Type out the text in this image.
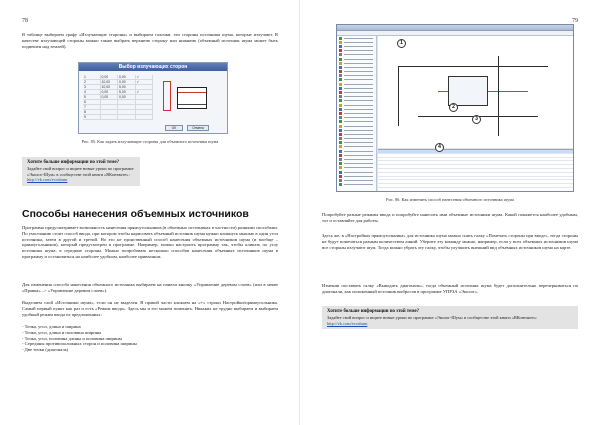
78
В таблице выбираем графу «Излучающие стороны» и выбираем галочки. эти стороны источника шума, которые излучают. В качестве излучающей стороны можно также выбрать верхнюю сторону или нижнюю (объемный источник шума может быть подвешен над землей).
Выбор излучающих сторон
1	0,00	0,00	✓
2	10,00	0,00	✓
3	10,00	5,00
4	0,00	5,00	✓
5	0,00	0,00
6
7
8
9
OK	Отмена
Рис. 85. Как задать излучающие стороны для объемного источника шума
Хотите больше информации по этой теме?
Задайте свой вопрос и ищите новые уроки по программе «Эколог-Шум» в сообществе этой книги «ВКонтакте»:
http://vk.com/ecoshum
Способы нанесения объемных источников
Программа предусматривает возможность нанесения прямоугольников (в объемных источниках в частности) разными способами. По умолчанию стоит способ ввода, при котором чтобы нарисовать объемный источник шума нужно кликнуть мышью в один угол источника, затем в другой и третий. Но это не единственный способ нанесения объемных источников шума (и вообще – прямоугольников), который предусмотрен в программе. Например, можно настроить программу так, чтобы кликать по углу источника шума, в середине стороны. Можно попробовать несколько способов нанесения объемных источников шума в программу и остановиться на наиболее удобном, наиболее привычном.
Для изменения способа нанесения объемного источника выбираем на панели кнопку «Управление деревом слоев» (или в меню «Правка» –> «Управление деревом слоев»).
Выделяем слой «Источники шума», если он не выделен. В правой части кликаем на «+» строки Настройки/прямоугольника. Самый первый пункт как раз и есть «Режим ввода». Здесь мы и его можем поменять. Никаких не трудно выбираем и выбираем удобный режим ввода из предложенных:
- Точка, угол, длина и ширина
- Точка, угол, длина и половина ширины
- Точка, угол, половина длины и половина ширины
- Середины противоположных сторон и половина ширины
- Две точки (диагональ)
79
Рис. 86. Как изменить способ нанесения объемного источника шума
Попробуйте разные режимы ввода и попробуйте нанесить ими объемные источники шума. Какой покажется наиболее удобным, тот и оставляйте для работы.
Здесь же, в «Настройках прямоугольника» для источника шума можно снять галку «Помечать стороны при вводе», тогда стороны не будут помечаться разным количеством линий. Уберите эту команду можно, например, если у всех объемных источников шума все стороны излучают шум. Тогда можно убрать эту галку, чтобы улучшить внешний вид объемных источников шума на карте.
Изменив поставить галку «Выводить диагональ», тогда объемный источник шума будет дополнительно перечеркиваться по диагонали, как положенный источник выбросов в программе УПРЗА «Эколог».
Хотите больше информации по этой теме?
Задайте свой вопрос и ищите новые уроки по программе «Эколог-Шум» в сообществе этой книги «ВКонтакте»:
http://vk.com/ecoshum
1
2
3
4
